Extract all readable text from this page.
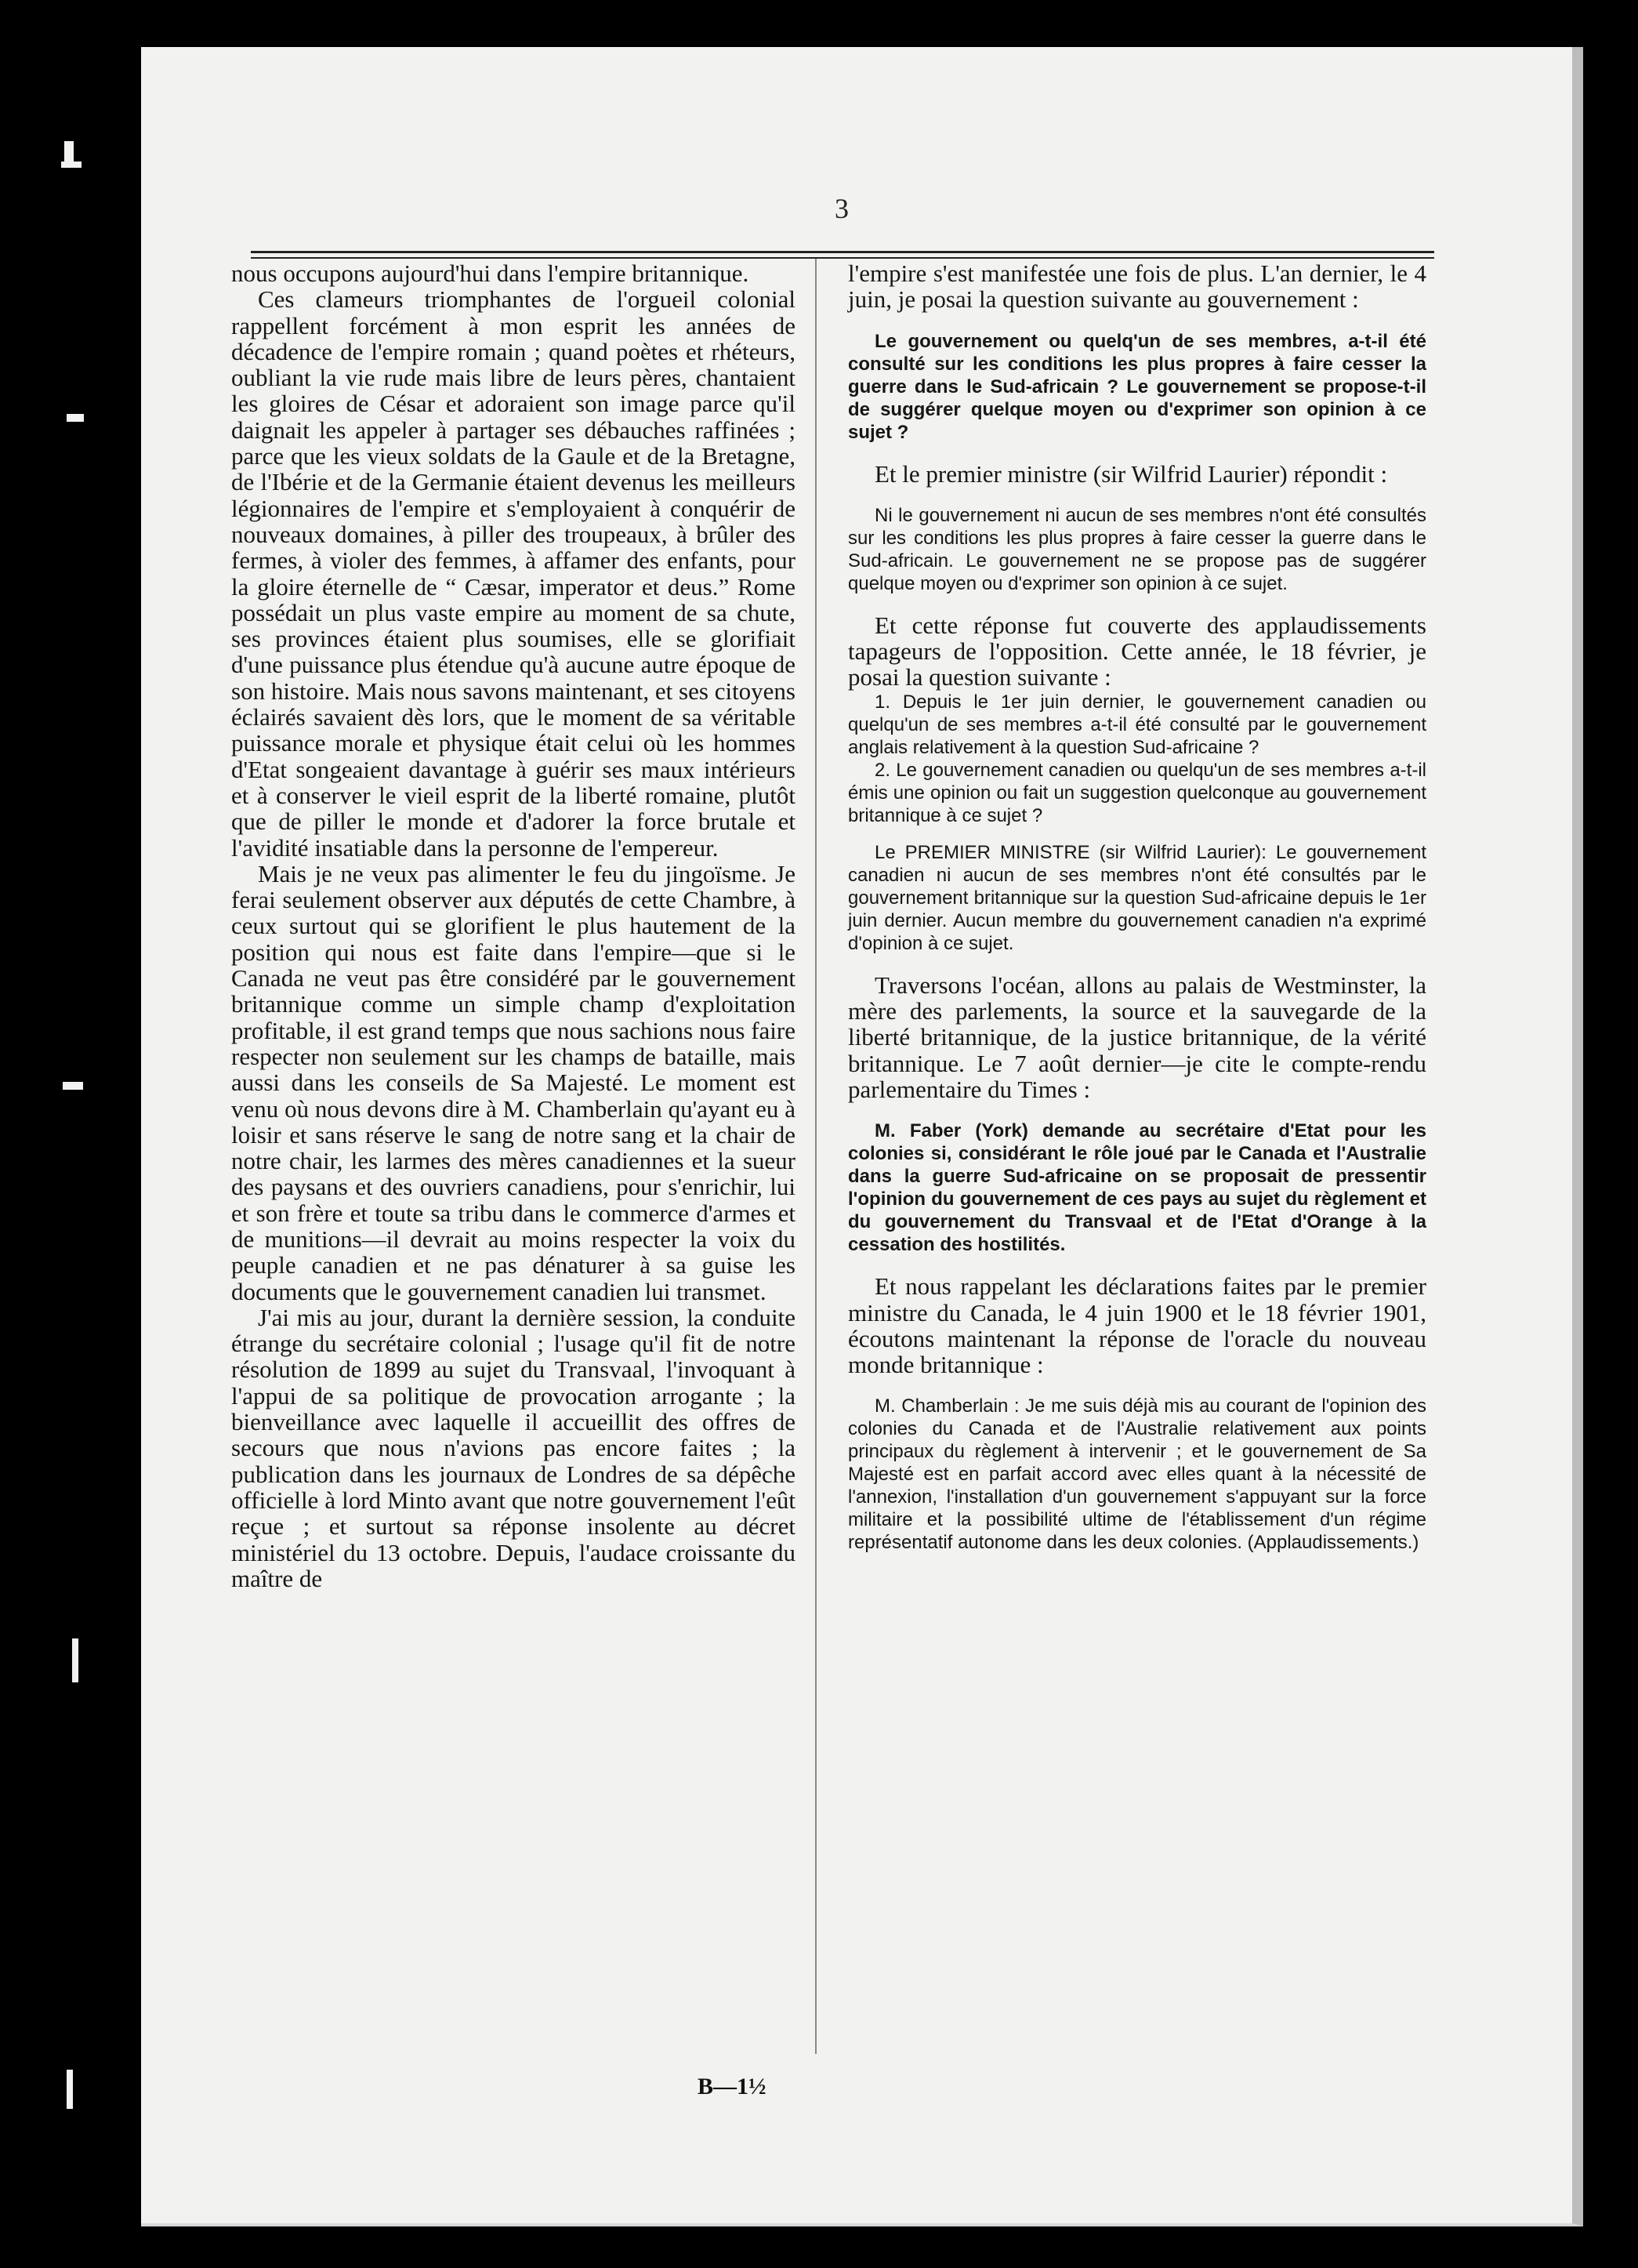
3

nous occupons aujourd'hui dans l'empire britannique.

Ces clameurs triomphantes de l'orgueil colonial rappellent forcément à mon esprit les années de décadence de l'empire romain ; quand poètes et rhéteurs, oubliant la vie rude mais libre de leurs pères, chantaient les gloires de César et adoraient son image parce qu'il daignait les appeler à partager ses débauches raffinées ; parce que les vieux soldats de la Gaule et de la Bretagne, de l'Ibérie et de la Germanie étaient devenus les meilleurs légionnaires de l'empire et s'employaient à conquérir de nouveaux domaines, à piller des troupeaux, à brûler des fermes, à violer des femmes, à affamer des enfants, pour la gloire éternelle de “ Cæsar, imperator et deus.” Rome possédait un plus vaste empire au moment de sa chute, ses provinces étaient plus soumises, elle se glorifiait d'une puissance plus étendue qu'à aucune autre époque de son histoire. Mais nous savons maintenant, et ses citoyens éclairés savaient dès lors, que le moment de sa véritable puissance morale et physique était celui où les hommes d'Etat songeaient davantage à guérir ses maux intérieurs et à conserver le vieil esprit de la liberté romaine, plutôt que de piller le monde et d'adorer la force brutale et l'avidité insatiable dans la personne de l'empereur.

Mais je ne veux pas alimenter le feu du jingoïsme. Je ferai seulement observer aux députés de cette Chambre, à ceux surtout qui se glorifient le plus hautement de la position qui nous est faite dans l'empire—que si le Canada ne veut pas être considéré par le gouvernement britannique comme un simple champ d'exploitation profitable, il est grand temps que nous sachions nous faire respecter non seulement sur les champs de bataille, mais aussi dans les conseils de Sa Majesté. Le moment est venu où nous devons dire à M. Chamberlain qu'ayant eu à loisir et sans réserve le sang de notre sang et la chair de notre chair, les larmes des mères canadiennes et la sueur des paysans et des ouvriers canadiens, pour s'enrichir, lui et son frère et toute sa tribu dans le commerce d'armes et de munitions—il devrait au moins respecter la voix du peuple canadien et ne pas dénaturer à sa guise les documents que le gouvernement canadien lui transmet.

J'ai mis au jour, durant la dernière session, la conduite étrange du secrétaire colonial ; l'usage qu'il fit de notre résolution de 1899 au sujet du Transvaal, l'invoquant à l'appui de sa politique de provocation arrogante ; la bienveillance avec laquelle il accueillit des offres de secours que nous n'avions pas encore faites ; la publication dans les journaux de Londres de sa dépêche officielle à lord Minto avant que notre gouvernement l'eût reçue ; et surtout sa réponse insolente au décret ministériel du 13 octobre. Depuis, l'audace croissante du maître de

l'empire s'est manifestée une fois de plus. L'an dernier, le 4 juin, je posai la question suivante au gouvernement :

Le gouvernement ou quelq'un de ses membres, a-t-il été consulté sur les conditions les plus propres à faire cesser la guerre dans le Sud-africain ? Le gouvernement se propose-t-il de suggérer quelque moyen ou d'exprimer son opinion à ce sujet ?

Et le premier ministre (sir Wilfrid Laurier) répondit :

Ni le gouvernement ni aucun de ses membres n'ont été consultés sur les conditions les plus propres à faire cesser la guerre dans le Sud-africain. Le gouvernement ne se propose pas de suggérer quelque moyen ou d'exprimer son opinion à ce sujet.

Et cette réponse fut couverte des applaudissements tapageurs de l'opposition. Cette année, le 18 février, je posai la question suivante :

1. Depuis le 1er juin dernier, le gouvernement canadien ou quelqu'un de ses membres a-t-il été consulté par le gouvernement anglais relativement à la question Sud-africaine ?

2. Le gouvernement canadien ou quelqu'un de ses membres a-t-il émis une opinion ou fait un suggestion quelconque au gouvernement britannique à ce sujet ?

Le PREMIER MINISTRE (sir Wilfrid Laurier): Le gouvernement canadien ni aucun de ses membres n'ont été consultés par le gouvernement britannique sur la question Sud-africaine depuis le 1er juin dernier. Aucun membre du gouvernement canadien n'a exprimé d'opinion à ce sujet.

Traversons l'océan, allons au palais de Westminster, la mère des parlements, la source et la sauvegarde de la liberté britannique, de la justice britannique, de la vérité britannique. Le 7 août dernier—je cite le compte-rendu parlementaire du Times :

M. Faber (York) demande au secrétaire d'Etat pour les colonies si, considérant le rôle joué par le Canada et l'Australie dans la guerre Sud-africaine on se proposait de pressentir l'opinion du gouvernement de ces pays au sujet du règlement et du gouvernement du Transvaal et de l'Etat d'Orange à la cessation des hostilités.

Et nous rappelant les déclarations faites par le premier ministre du Canada, le 4 juin 1900 et le 18 février 1901, écoutons maintenant la réponse de l'oracle du nouveau monde britannique :

M. Chamberlain : Je me suis déjà mis au courant de l'opinion des colonies du Canada et de l'Australie relativement aux points principaux du règlement à intervenir ; et le gouvernement de Sa Majesté est en parfait accord avec elles quant à la nécessité de l'annexion, l'installation d'un gouvernement s'appuyant sur la force militaire et la possibilité ultime de l'établissement d'un régime représentatif autonome dans les deux colonies. (Applaudissements.)

B—1½
